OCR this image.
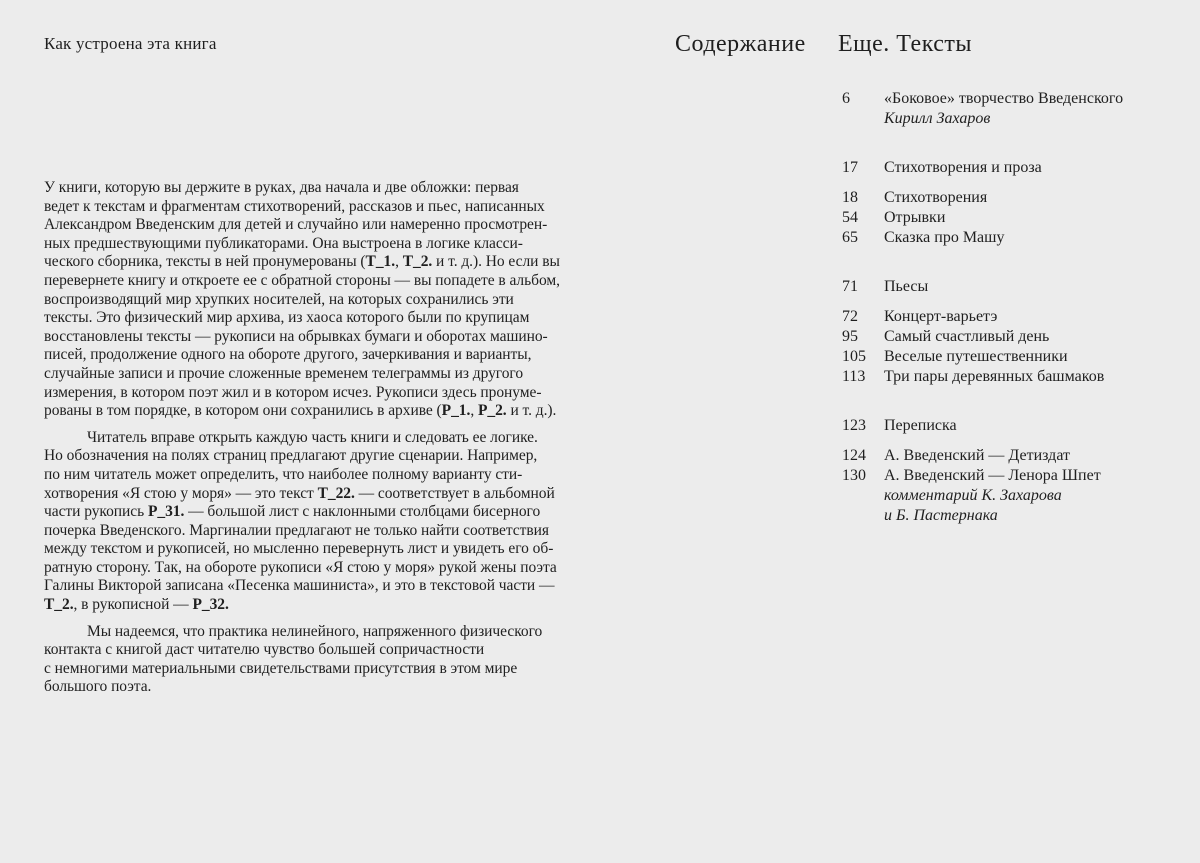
Как устроена эта книга
У книги, которую вы держите в руках, два начала и две обложки: первая
ведет к текстам и фрагментам стихотворений, рассказов и пьес, написанных
Александром Введенским для детей и случайно или намеренно просмотрен-
ных предшествующими публикаторами. Она выстроена в логике класси-
ческого сборника, тексты в ней пронумерованы (Т_1., Т_2. и т. д.). Но если вы
перевернете книгу и откроете ее с обратной стороны — вы попадете в альбом,
воспроизводящий мир хрупких носителей, на которых сохранились эти
тексты. Это физический мир архива, из хаоса которого были по крупицам
восстановлены тексты — рукописи на обрывках бумаги и оборотах машино-
писей, продолжение одного на обороте другого, зачеркивания и варианты,
случайные записи и прочие сложенные временем телеграммы из другого
измерения, в котором поэт жил и в котором исчез. Рукописи здесь пронуме-
рованы в том порядке, в котором они сохранились в архиве (Р_1., Р_2. и т. д.).
Читатель вправе открыть каждую часть книги и следовать ее логике.
Но обозначения на полях страниц предлагают другие сценарии. Например,
по ним читатель может определить, что наиболее полному варианту сти-
хотворения «Я стою у моря» — это текст Т_22. — соответствует в альбомной
части рукопись Р_31. — большой лист с наклонными столбцами бисерного
почерка Введенского. Маргиналии предлагают не только найти соответствия
между текстом и рукописей, но мысленно перевернуть лист и увидеть его об-
ратную сторону. Так, на обороте рукописи «Я стою у моря» рукой жены поэта
Галины Викторой записана «Песенка машиниста», и это в текстовой части —
Т_2., в рукописной — Р_32.
Мы надеемся, что практика нелинейного, напряженного физического
контакта с книгой даст читателю чувство большей сопричастности
с немногими материальными свидетельствами присутствия в этом мире
большого поэта.
Содержание Еще. Тексты
6	«Боковое» творчество Введенского
Кирилл Захаров
17	Стихотворения и проза
18	Стихотворения
54	Отрывки
65	Сказка про Машу
71	Пьесы
72	Концерт-варьетэ
95	Самый счастливый день
105	Веселые путешественники
113	Три пары деревянных башмаков
123	Переписка
124	А. Введенский — Детиздат
130	А. Введенский — Ленора Шпет
комментарий К. Захарова
и Б. Пастернака
